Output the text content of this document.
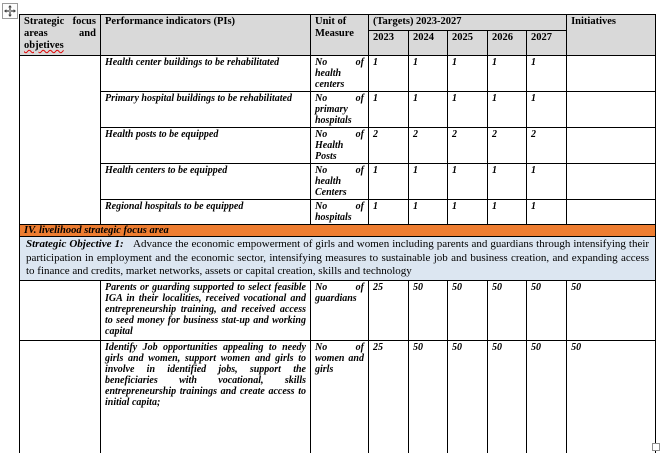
Strategic focus areas and objetives	Performance indicators (PIs)	Unit of Measure	(Targets) 2023-2027					Initiatives
			2023	2024	2025	2026	2027	
	Health center buildings to be rehabilitated	No of health centers	1	1	1	1	1	
	Primary hospital buildings to be rehabilitated	No of primary hospitals	1	1	1	1	1	
	Health posts to be equipped	No of Health Posts	2	2	2	2	2	
	Health centers to be equipped	No of health Centers	1	1	1	1	1	
	Regional hospitals to be equipped	No of hospitals	1	1	1	1	1	
IV. livelihood strategic focus area								
Strategic Objective 1: Advance the economic empowerment of girls and women including parents and guardians through intensifying their participation in employment and the economic sector, intensifying measures to sustainable job and business creation, and expanding access to finance and credits, market networks, assets or capital creation, skills and technology								
	Parents or guarding supported to select feasible IGA in their localities, received vocational and entrepreneurship training, and received access to seed money for business stat-up and working capital	No of guardians	25	50	50	50	50	50
	Identify Job opportunities appealing to needy girls and women, support women and girls to involve in identified jobs, support the beneficiaries with vocational, skills entrepreneurship trainings and create access to initial capita;	No of women and girls	25	50	50	50	50	50
